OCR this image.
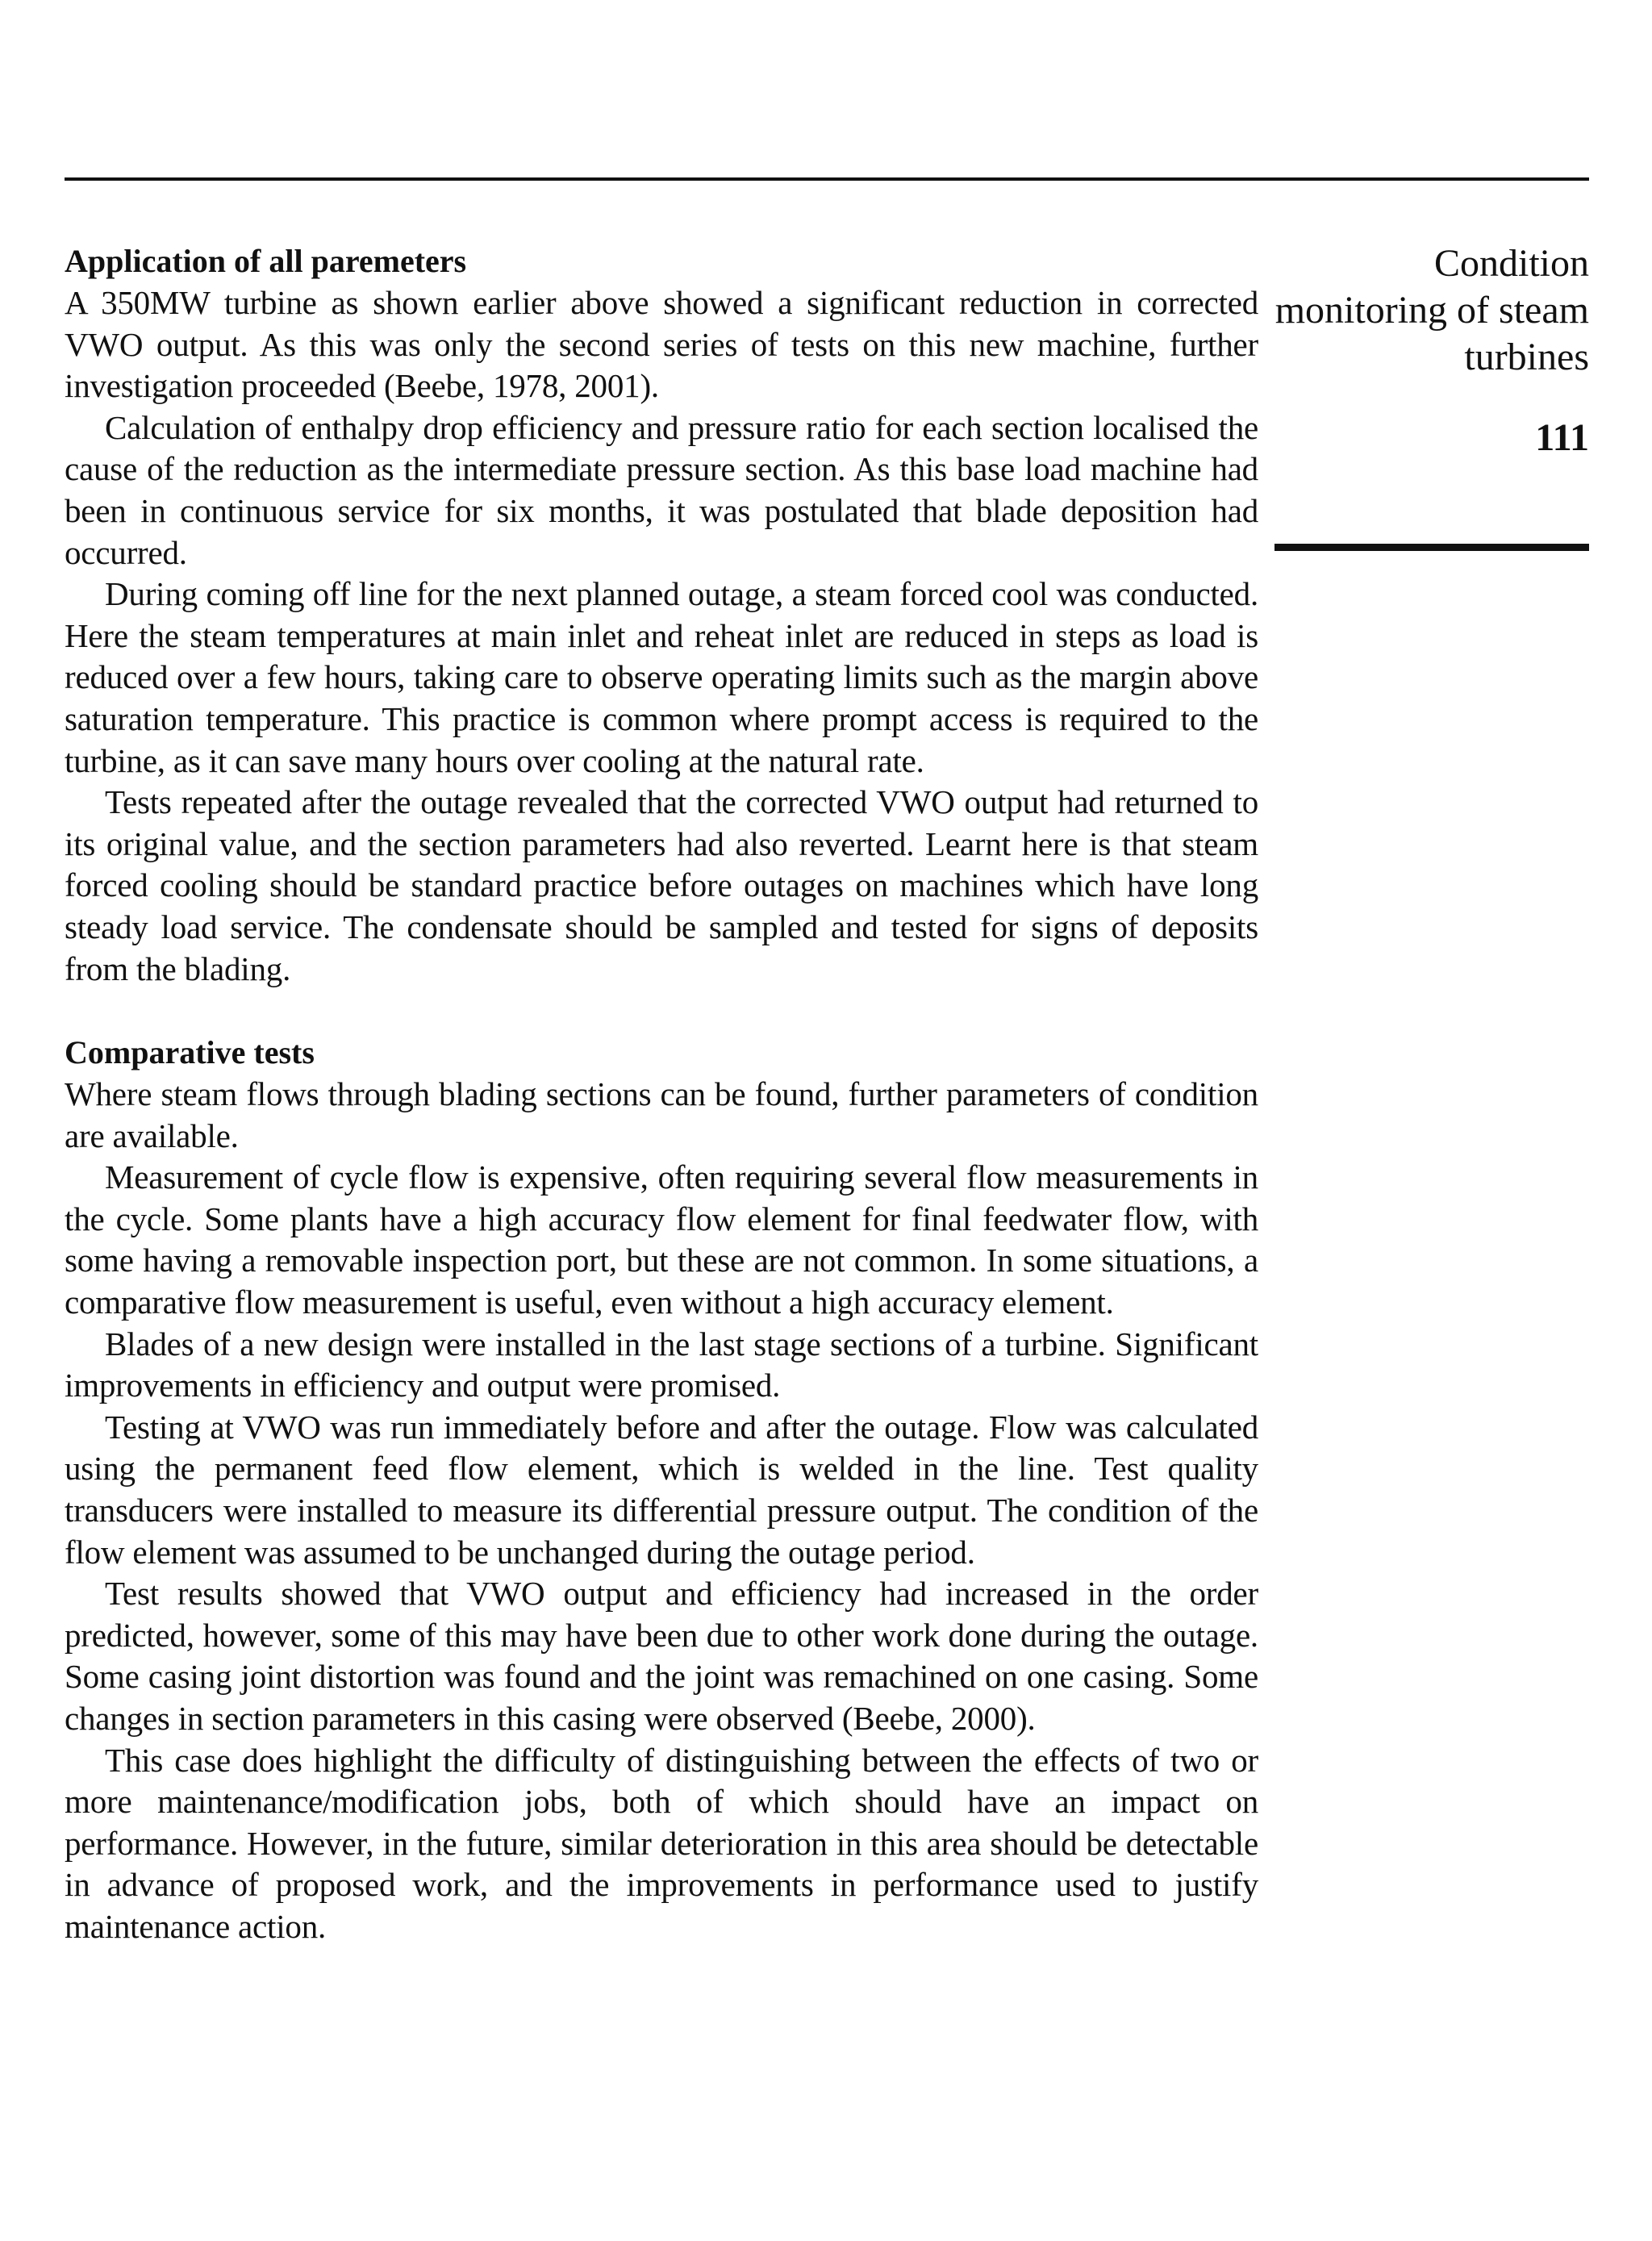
Application of all paremeters

A 350MW turbine as shown earlier above showed a significant reduction in corrected VWO output. As this was only the second series of tests on this new machine, further investigation proceeded (Beebe, 1978, 2001).

Calculation of enthalpy drop efficiency and pressure ratio for each section localised the cause of the reduction as the intermediate pressure section. As this base load machine had been in continuous service for six months, it was postulated that blade deposition had occurred.

During coming off line for the next planned outage, a steam forced cool was conducted. Here the steam temperatures at main inlet and reheat inlet are reduced in steps as load is reduced over a few hours, taking care to observe operating limits such as the margin above saturation temperature. This practice is common where prompt access is required to the turbine, as it can save many hours over cooling at the natural rate.

Tests repeated after the outage revealed that the corrected VWO output had returned to its original value, and the section parameters had also reverted. Learnt here is that steam forced cooling should be standard practice before outages on machines which have long steady load service. The condensate should be sampled and tested for signs of deposits from the blading.

Comparative tests

Where steam flows through blading sections can be found, further parameters of condition are available.

Measurement of cycle flow is expensive, often requiring several flow measurements in the cycle. Some plants have a high accuracy flow element for final feedwater flow, with some having a removable inspection port, but these are not common. In some situations, a comparative flow measurement is useful, even without a high accuracy element.

Blades of a new design were installed in the last stage sections of a turbine. Significant improvements in efficiency and output were promised.

Testing at VWO was run immediately before and after the outage. Flow was calculated using the permanent feed flow element, which is welded in the line. Test quality transducers were installed to measure its differential pressure output. The condition of the flow element was assumed to be unchanged during the outage period.

Test results showed that VWO output and efficiency had increased in the order predicted, however, some of this may have been due to other work done during the outage. Some casing joint distortion was found and the joint was remachined on one casing. Some changes in section parameters in this casing were observed (Beebe, 2000).

This case does highlight the difficulty of distinguishing between the effects of two or more maintenance/modification jobs, both of which should have an impact on performance. However, in the future, similar deterioration in this area should be detectable in advance of proposed work, and the improvements in performance used to justify maintenance action.

Condition monitoring of steam turbines

111
